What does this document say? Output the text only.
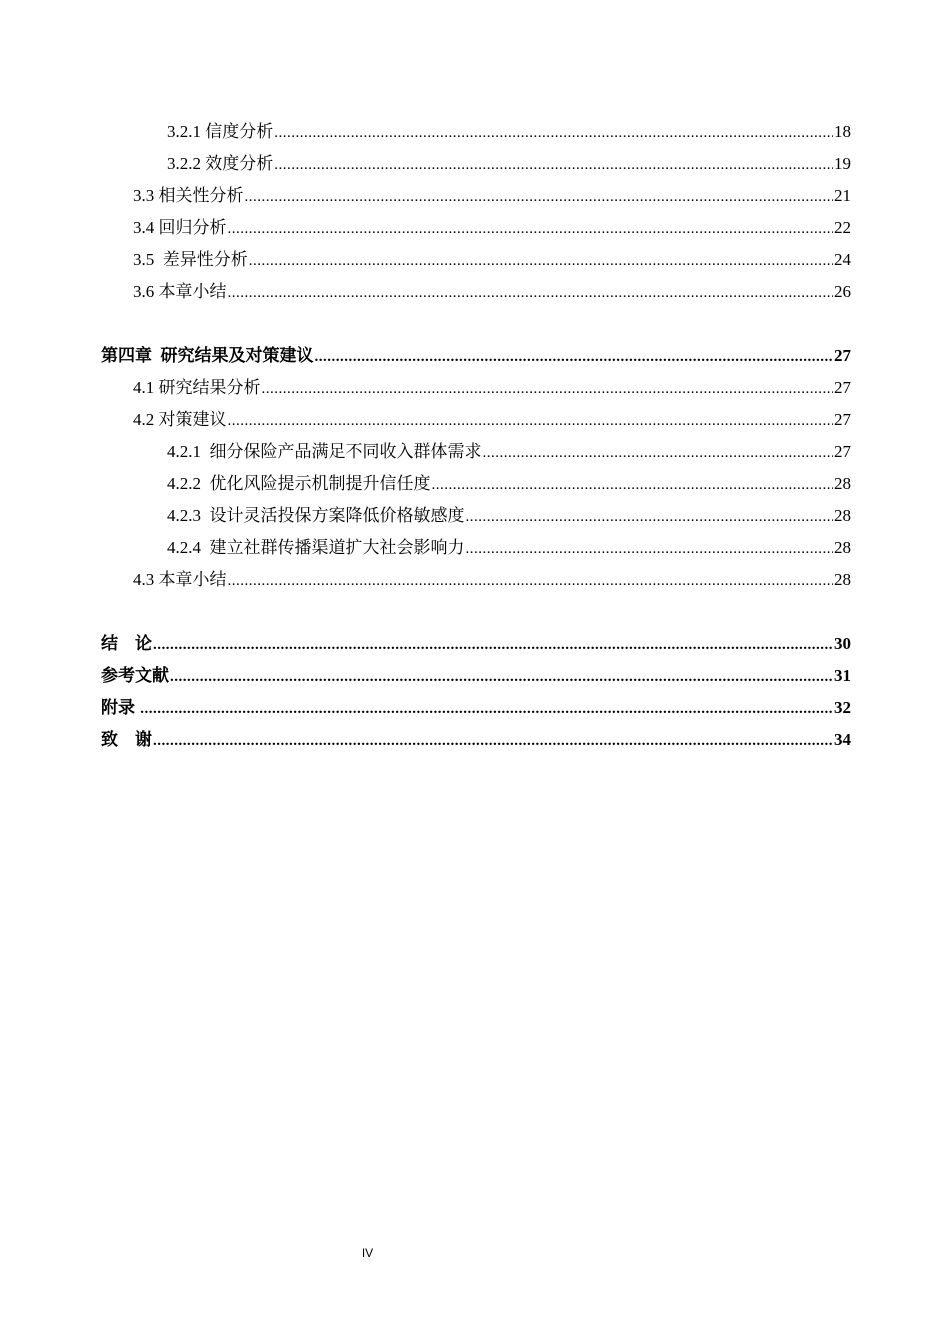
3.2.1 信度分析 .....	18
3.2.2 效度分析 .....	19
3.3 相关性分析 .....	21
3.4 回归分析 .....	22
3.5  差异性分析 .....	24
3.6 本章小结 .....	26
第四章  研究结果及对策建议 .....	27
4.1 研究结果分析 .....	27
4.2 对策建议 .....	27
4.2.1  细分保险产品满足不同收入群体需求 .....	27
4.2.2  优化风险提示机制提升信任度 .....	28
4.2.3  设计灵活投保方案降低价格敏感度 .....	28
4.2.4  建立社群传播渠道扩大社会影响力 .....	28
4.3 本章小结 .....	28
结    论 .....	30
参考文献 .....	31
附录 .....	32
致    谢 .....	34
IV
